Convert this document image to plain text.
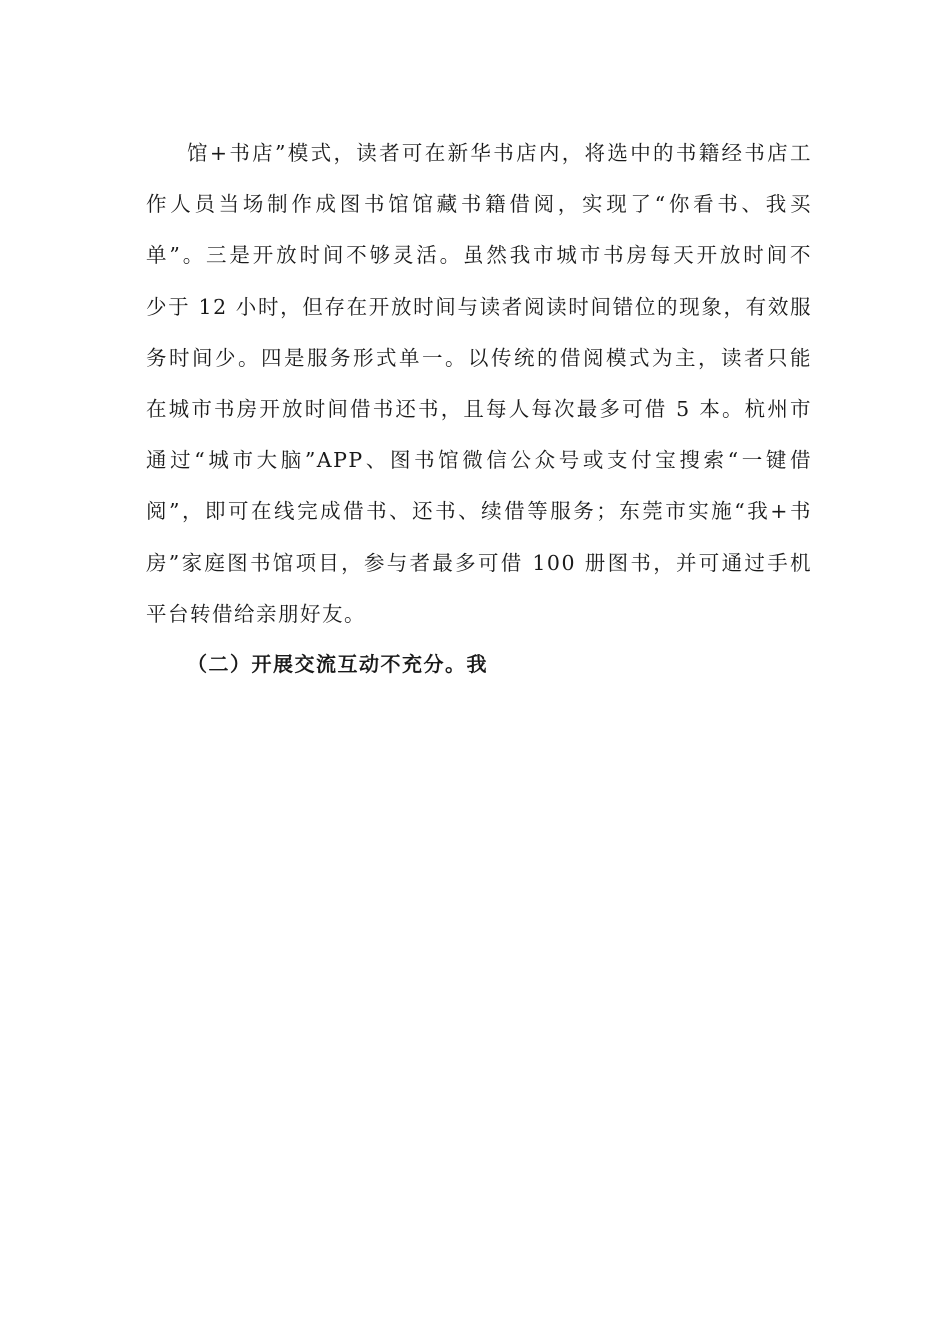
馆+书店”模式，读者可在新华书店内，将选中的书籍经书店工
作人员当场制作成图书馆馆藏书籍借阅，实现了“你看书、我买
单”。三是开放时间不够灵活。虽然我市城市书房每天开放时间不
少于 12 小时，但存在开放时间与读者阅读时间错位的现象，有效服
务时间少。四是服务形式单一。以传统的借阅模式为主，读者只能
在城市书房开放时间借书还书，且每人每次最多可借 5 本。杭州市
通过“城市大脑”APP、图书馆微信公众号或支付宝搜索“一键借
阅”，即可在线完成借书、还书、续借等服务；东莞市实施“我+书
房”家庭图书馆项目，参与者最多可借 100 册图书，并可通过手机
平台转借给亲朋好友。
（二）开展交流互动不充分。我
